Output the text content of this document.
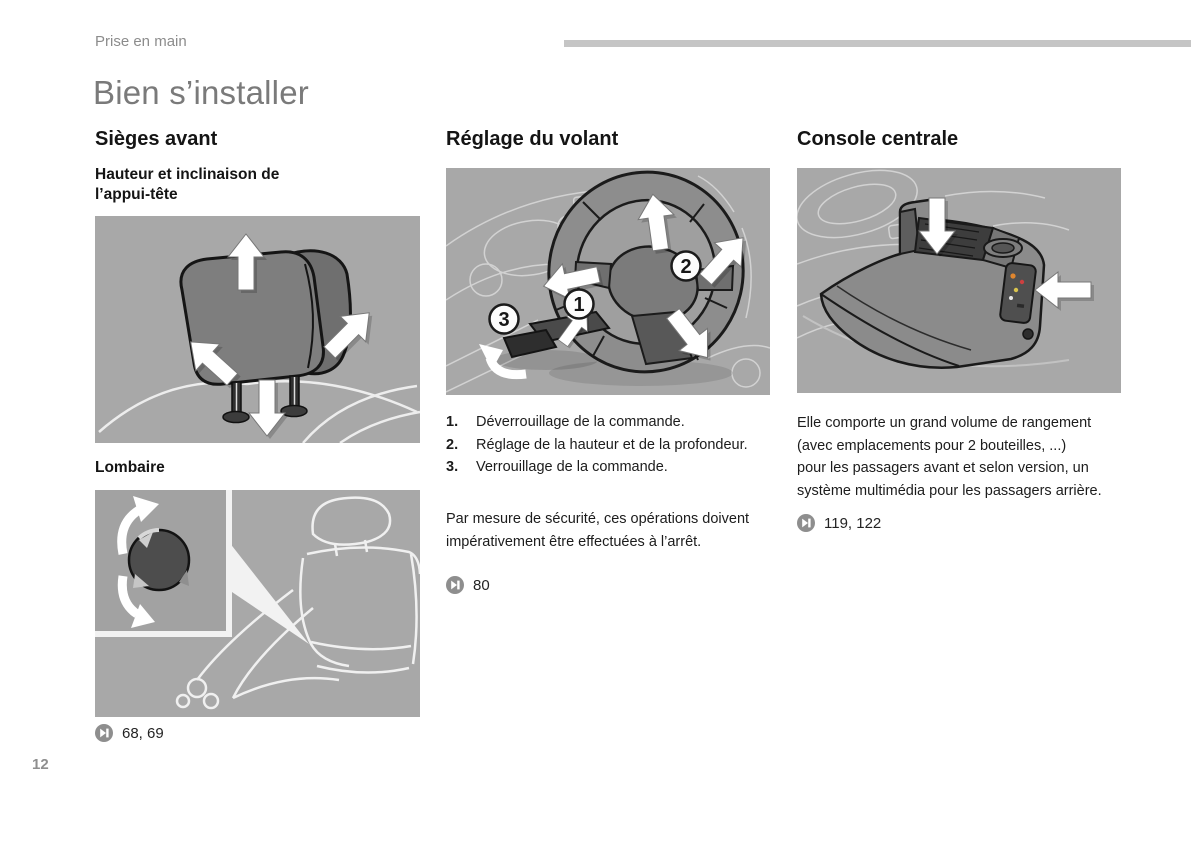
Prise en main
Bien s’installer
Sièges avant
Hauteur et inclinaison de
l’appui-tête
Lombaire
68, 69
Réglage du volant
2
1
3
1.	Déverrouillage de la commande.
2.	Réglage de la hauteur et de la profondeur.
3.	Verrouillage de la commande.
Par mesure de sécurité, ces opérations doivent
impérativement être effectuées à l’arrêt.
80
Console centrale
Elle comporte un grand volume de rangement
(avec emplacements pour 2 bouteilles, ...)
pour les passagers avant et selon version, un
système multimédia pour les passagers arrière.
119, 122
12
